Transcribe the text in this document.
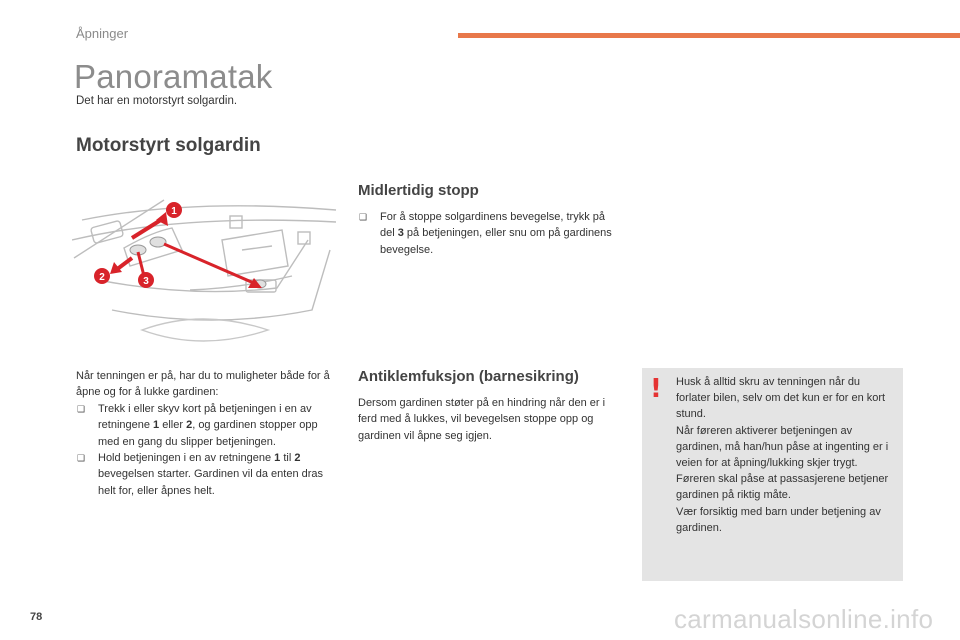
Åpninger
Panoramatak
Det har en motorstyrt solgardin.
Motorstyrt solgardin
1
2	3
Når tenningen er på, har du to muligheter både for å åpne og for å lukke gardinen:
❑ Trekk i eller skyv kort på betjeningen i en av retningene 1 eller 2, og gardinen stopper opp med en gang du slipper betjeningen.
❑ Hold betjeningen i en av retningene 1 til 2 bevegelsen starter. Gardinen vil da enten dras helt for, eller åpnes helt.
Midlertidig stopp
❑ For å stoppe solgardinens bevegelse, trykk på del 3 på betjeningen, eller snu om på gardinens bevegelse.
Antiklemfuksjon (barnesikring)
Dersom gardinen støter på en hindring når den er i ferd med å lukkes, vil bevegelsen stoppe opp og gardinen vil åpne seg igjen.
! Husk å alltid skru av tenningen når du forlater bilen, selv om det kun er for en kort stund.
Når føreren aktiverer betjeningen av gardinen, må han/hun påse at ingenting er i veien for at åpning/lukking skjer trygt.
Føreren skal påse at passasjerene betjener gardinen på riktig måte.
Vær forsiktig med barn under betjening av gardinen.
78	carmanualsonline.info
